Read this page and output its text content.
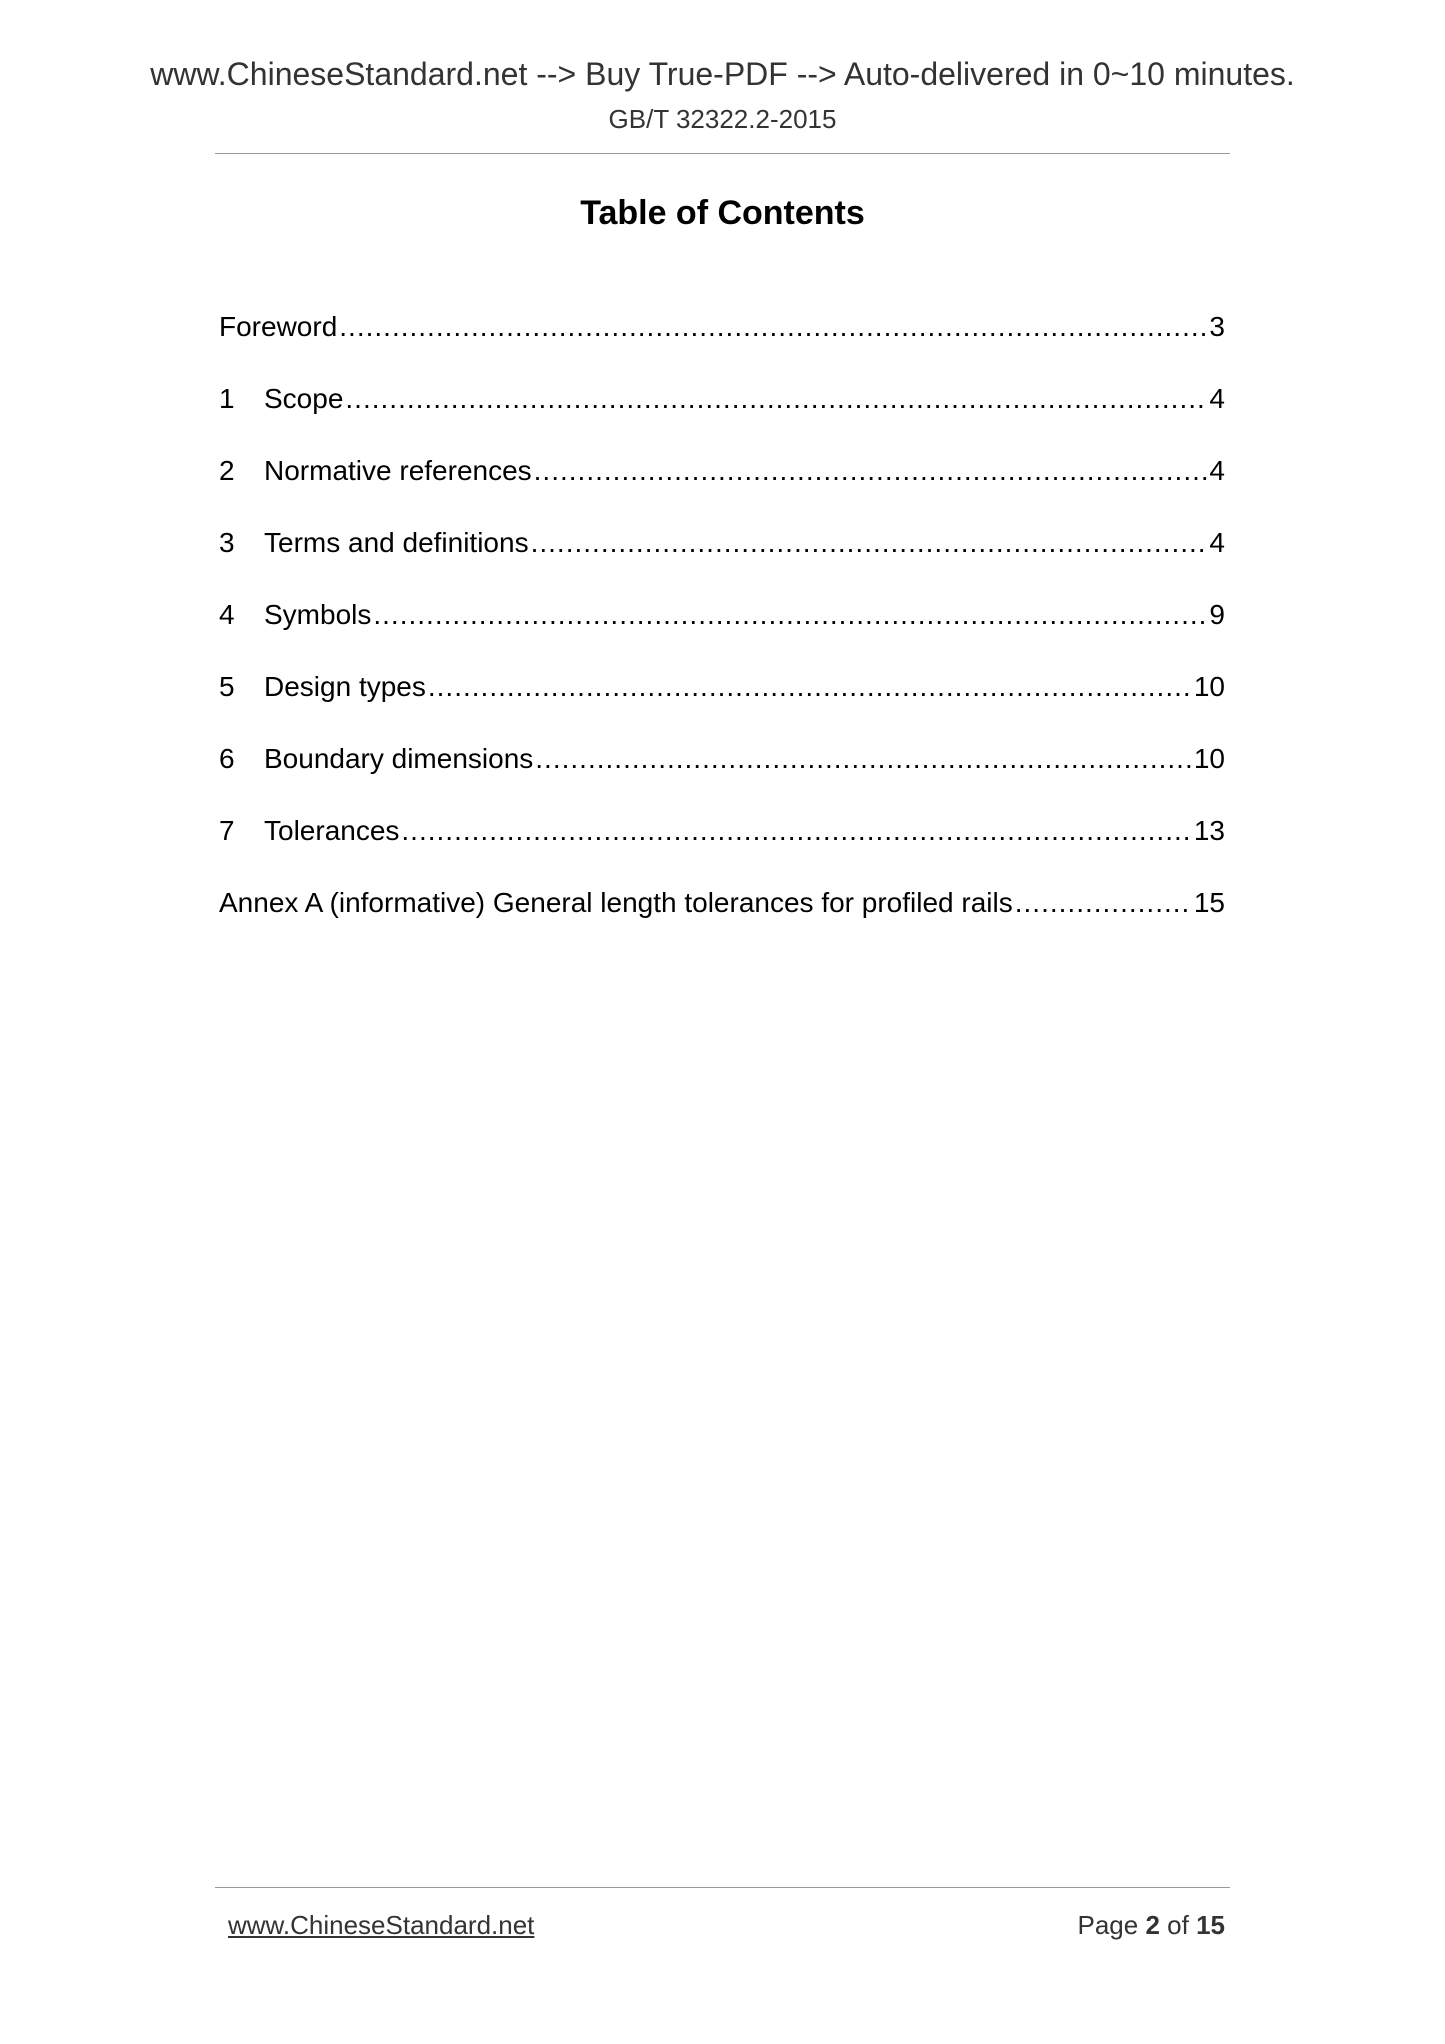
www.ChineseStandard.net --> Buy True-PDF --> Auto-delivered in 0~10 minutes.
GB/T 32322.2-2015
Table of Contents
Foreword .....	3
1	Scope .....	4
2	Normative references .....	4
3	Terms and definitions .....	4
4	Symbols .....	9
5	Design types .....	10
6	Boundary dimensions .....	10
7	Tolerances .....	13
Annex A (informative) General length tolerances for profiled rails .....	15
www.ChineseStandard.net	Page 2 of 15
